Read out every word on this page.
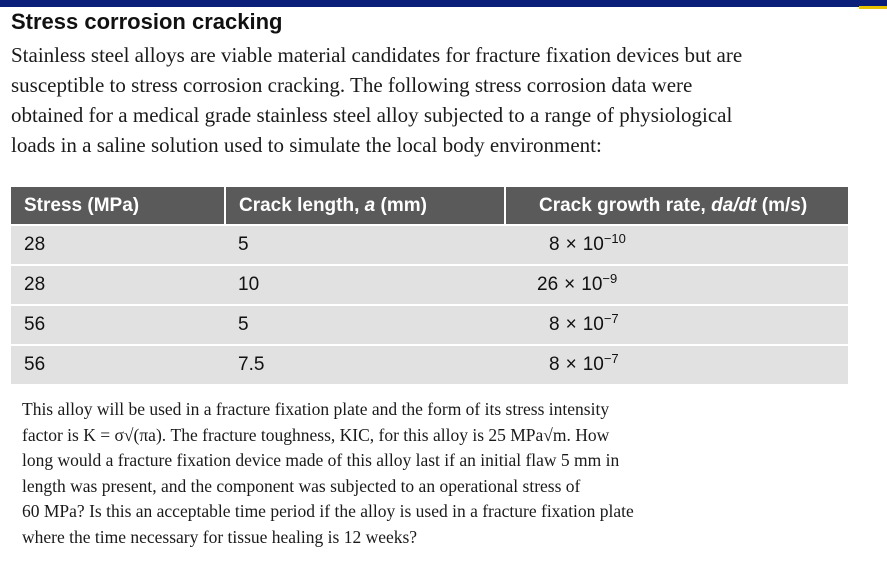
Stress corrosion cracking

Stainless steel alloys are viable material candidates for fracture fixation devices but are
susceptible to stress corrosion cracking. The following stress corrosion data were
obtained for a medical grade stainless steel alloy subjected to a range of physiological
loads in a saline solution used to simulate the local body environment:

Stress (MPa)	Crack length, a (mm)	Crack growth rate, da/dt (m/s)
28	5	$8 \times 10^{-10}$
28	10	$26 \times 10^{-9}$
56	5	$8 \times 10^{-7}$
56	7.5	$8 \times 10^{-7}$

This alloy will be used in a fracture fixation plate and the form of its stress intensity
factor is K = σ√(πa). The fracture toughness, KIC, for this alloy is 25 MPa√m. How
long would a fracture fixation device made of this alloy last if an initial flaw 5 mm in
length was present, and the component was subjected to an operational stress of
60 MPa? Is this an acceptable time period if the alloy is used in a fracture fixation plate
where the time necessary for tissue healing is 12 weeks?
